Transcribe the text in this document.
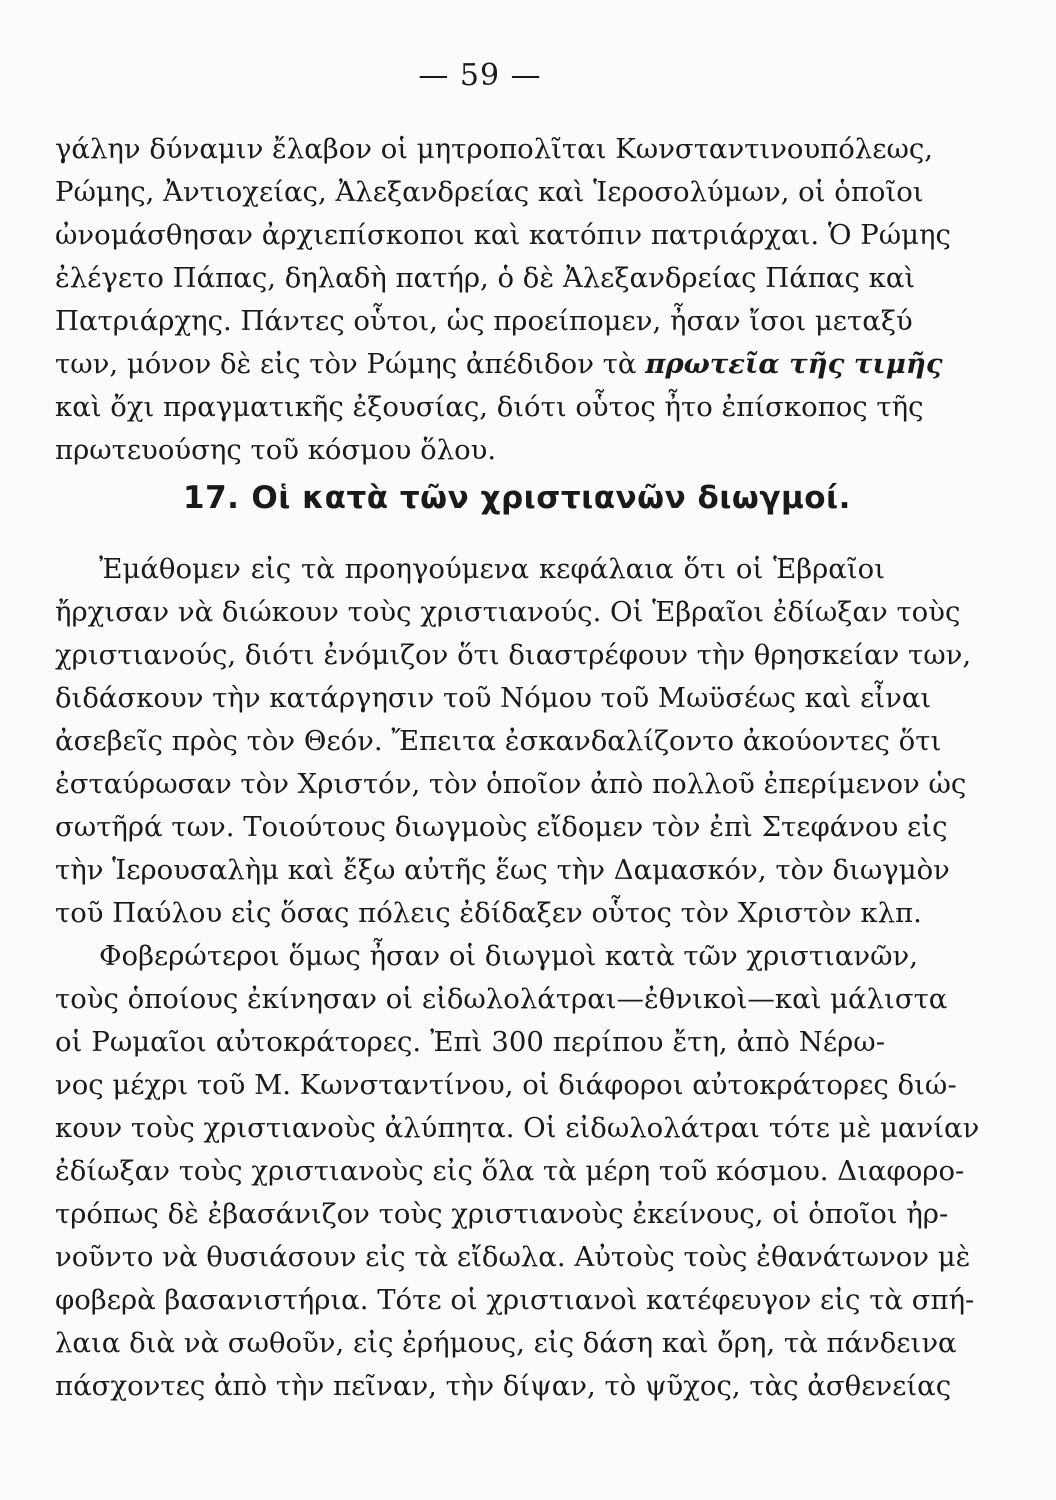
— 59 —
γάλην δύναμιν ἔλαβον οἱ μητροπολῖται Κωνσταντινουπόλεως,
Ρώμης, Ἀντιοχείας, Ἀλεξανδρείας καὶ Ἱεροσολύμων, οἱ ὁποῖοι
ὠνομάσθησαν ἀρχιεπίσκοποι καὶ κατόπιν πατριάρχαι. Ὁ Ρώμης
ἐλέγετο Πάπας, δηλαδὴ πατήρ, ὁ δὲ Ἀλεξανδρείας Πάπας καὶ
Πατριάρχης. Πάντες οὗτοι, ὡς προείπομεν, ἦσαν ἴσοι μεταξύ
των, μόνον δὲ εἰς τὸν Ρώμης ἀπέδιδον τὰ πρωτεῖα τῆς τιμῆς
καὶ ὄχι πραγματικῆς ἐξουσίας, διότι οὗτος ἦτο ἐπίσκοπος τῆς
πρωτευούσης τοῦ κόσμου ὅλου.
17. Οἱ κατὰ τῶν χριστιανῶν διωγμοί.
Ἐμάθομεν εἰς τὰ προηγούμενα κεφάλαια ὅτι οἱ Ἑβραῖοι
ἤρχισαν νὰ διώκουν τοὺς χριστιανούς. Οἱ Ἑβραῖοι ἐδίωξαν τοὺς
χριστιανούς, διότι ἐνόμιζον ὅτι διαστρέφουν τὴν θρησκείαν των,
διδάσκουν τὴν κατάργησιν τοῦ Νόμου τοῦ Μωϋσέως καὶ εἶναι
ἀσεβεῖς πρὸς τὸν Θεόν. Ἔπειτα ἐσκανδαλίζοντο ἀκούοντες ὅτι
ἐσταύρωσαν τὸν Χριστόν, τὸν ὁποῖον ἀπὸ πολλοῦ ἐπερίμενον ὡς
σωτῆρά των. Τοιούτους διωγμοὺς εἴδομεν τὸν ἐπὶ Στεφάνου εἰς
τὴν Ἱερουσαλὴμ καὶ ἔξω αὐτῆς ἕως τὴν Δαμασκόν, τὸν διωγμὸν
τοῦ Παύλου εἰς ὅσας πόλεις ἐδίδαξεν οὗτος τὸν Χριστὸν κλπ.
Φοβερώτεροι ὅμως ἦσαν οἱ διωγμοὶ κατὰ τῶν χριστιανῶν,
τοὺς ὁποίους ἐκίνησαν οἱ εἰδωλολάτραι—ἐθνικοὶ—καὶ μάλιστα
οἱ Ρωμαῖοι αὐτοκράτορες. Ἐπὶ 300 περίπου ἔτη, ἀπὸ Νέρω-
νος μέχρι τοῦ Μ. Κωνσταντίνου, οἱ διάφοροι αὐτοκράτορες διώ-
κουν τοὺς χριστιανοὺς ἀλύπητα. Οἱ εἰδωλολάτραι τότε μὲ μανίαν
ἐδίωξαν τοὺς χριστιανοὺς εἰς ὅλα τὰ μέρη τοῦ κόσμου. Διαφορο-
τρόπως δὲ ἐβασάνιζον τοὺς χριστιανοὺς ἐκείνους, οἱ ὁποῖοι ἠρ-
νοῦντο νὰ θυσιάσουν εἰς τὰ εἴδωλα. Αὐτοὺς τοὺς ἐθανάτωνον μὲ
φοβερὰ βασανιστήρια. Τότε οἱ χριστιανοὶ κατέφευγον εἰς τὰ σπή-
λαια διὰ νὰ σωθοῦν, εἰς ἐρήμους, εἰς δάση καὶ ὄρη, τὰ πάνδεινα
πάσχοντες ἀπὸ τὴν πεῖναν, τὴν δίψαν, τὸ ψῦχος, τὰς ἀσθενείας
